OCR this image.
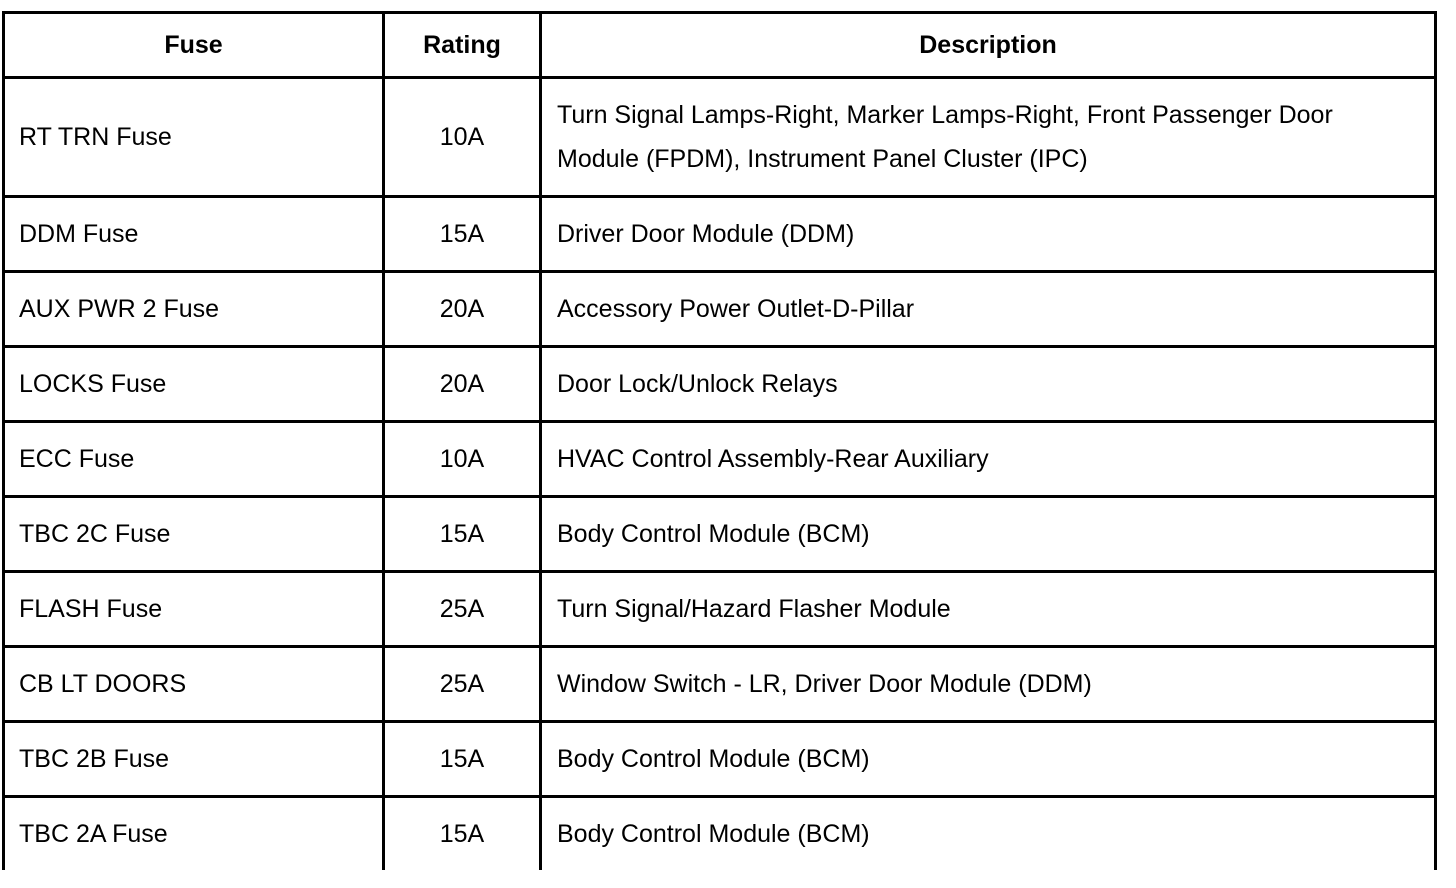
Fuse	Rating	Description
RT TRN Fuse	10A	Turn Signal Lamps-Right, Marker Lamps-Right, Front Passenger Door Module (FPDM), Instrument Panel Cluster (IPC)
DDM Fuse	15A	Driver Door Module (DDM)
AUX PWR 2 Fuse	20A	Accessory Power Outlet-D-Pillar
LOCKS Fuse	20A	Door Lock/Unlock Relays
ECC Fuse	10A	HVAC Control Assembly-Rear Auxiliary
TBC 2C Fuse	15A	Body Control Module (BCM)
FLASH Fuse	25A	Turn Signal/Hazard Flasher Module
CB LT DOORS	25A	Window Switch - LR, Driver Door Module (DDM)
TBC 2B Fuse	15A	Body Control Module (BCM)
TBC 2A Fuse	15A	Body Control Module (BCM)
